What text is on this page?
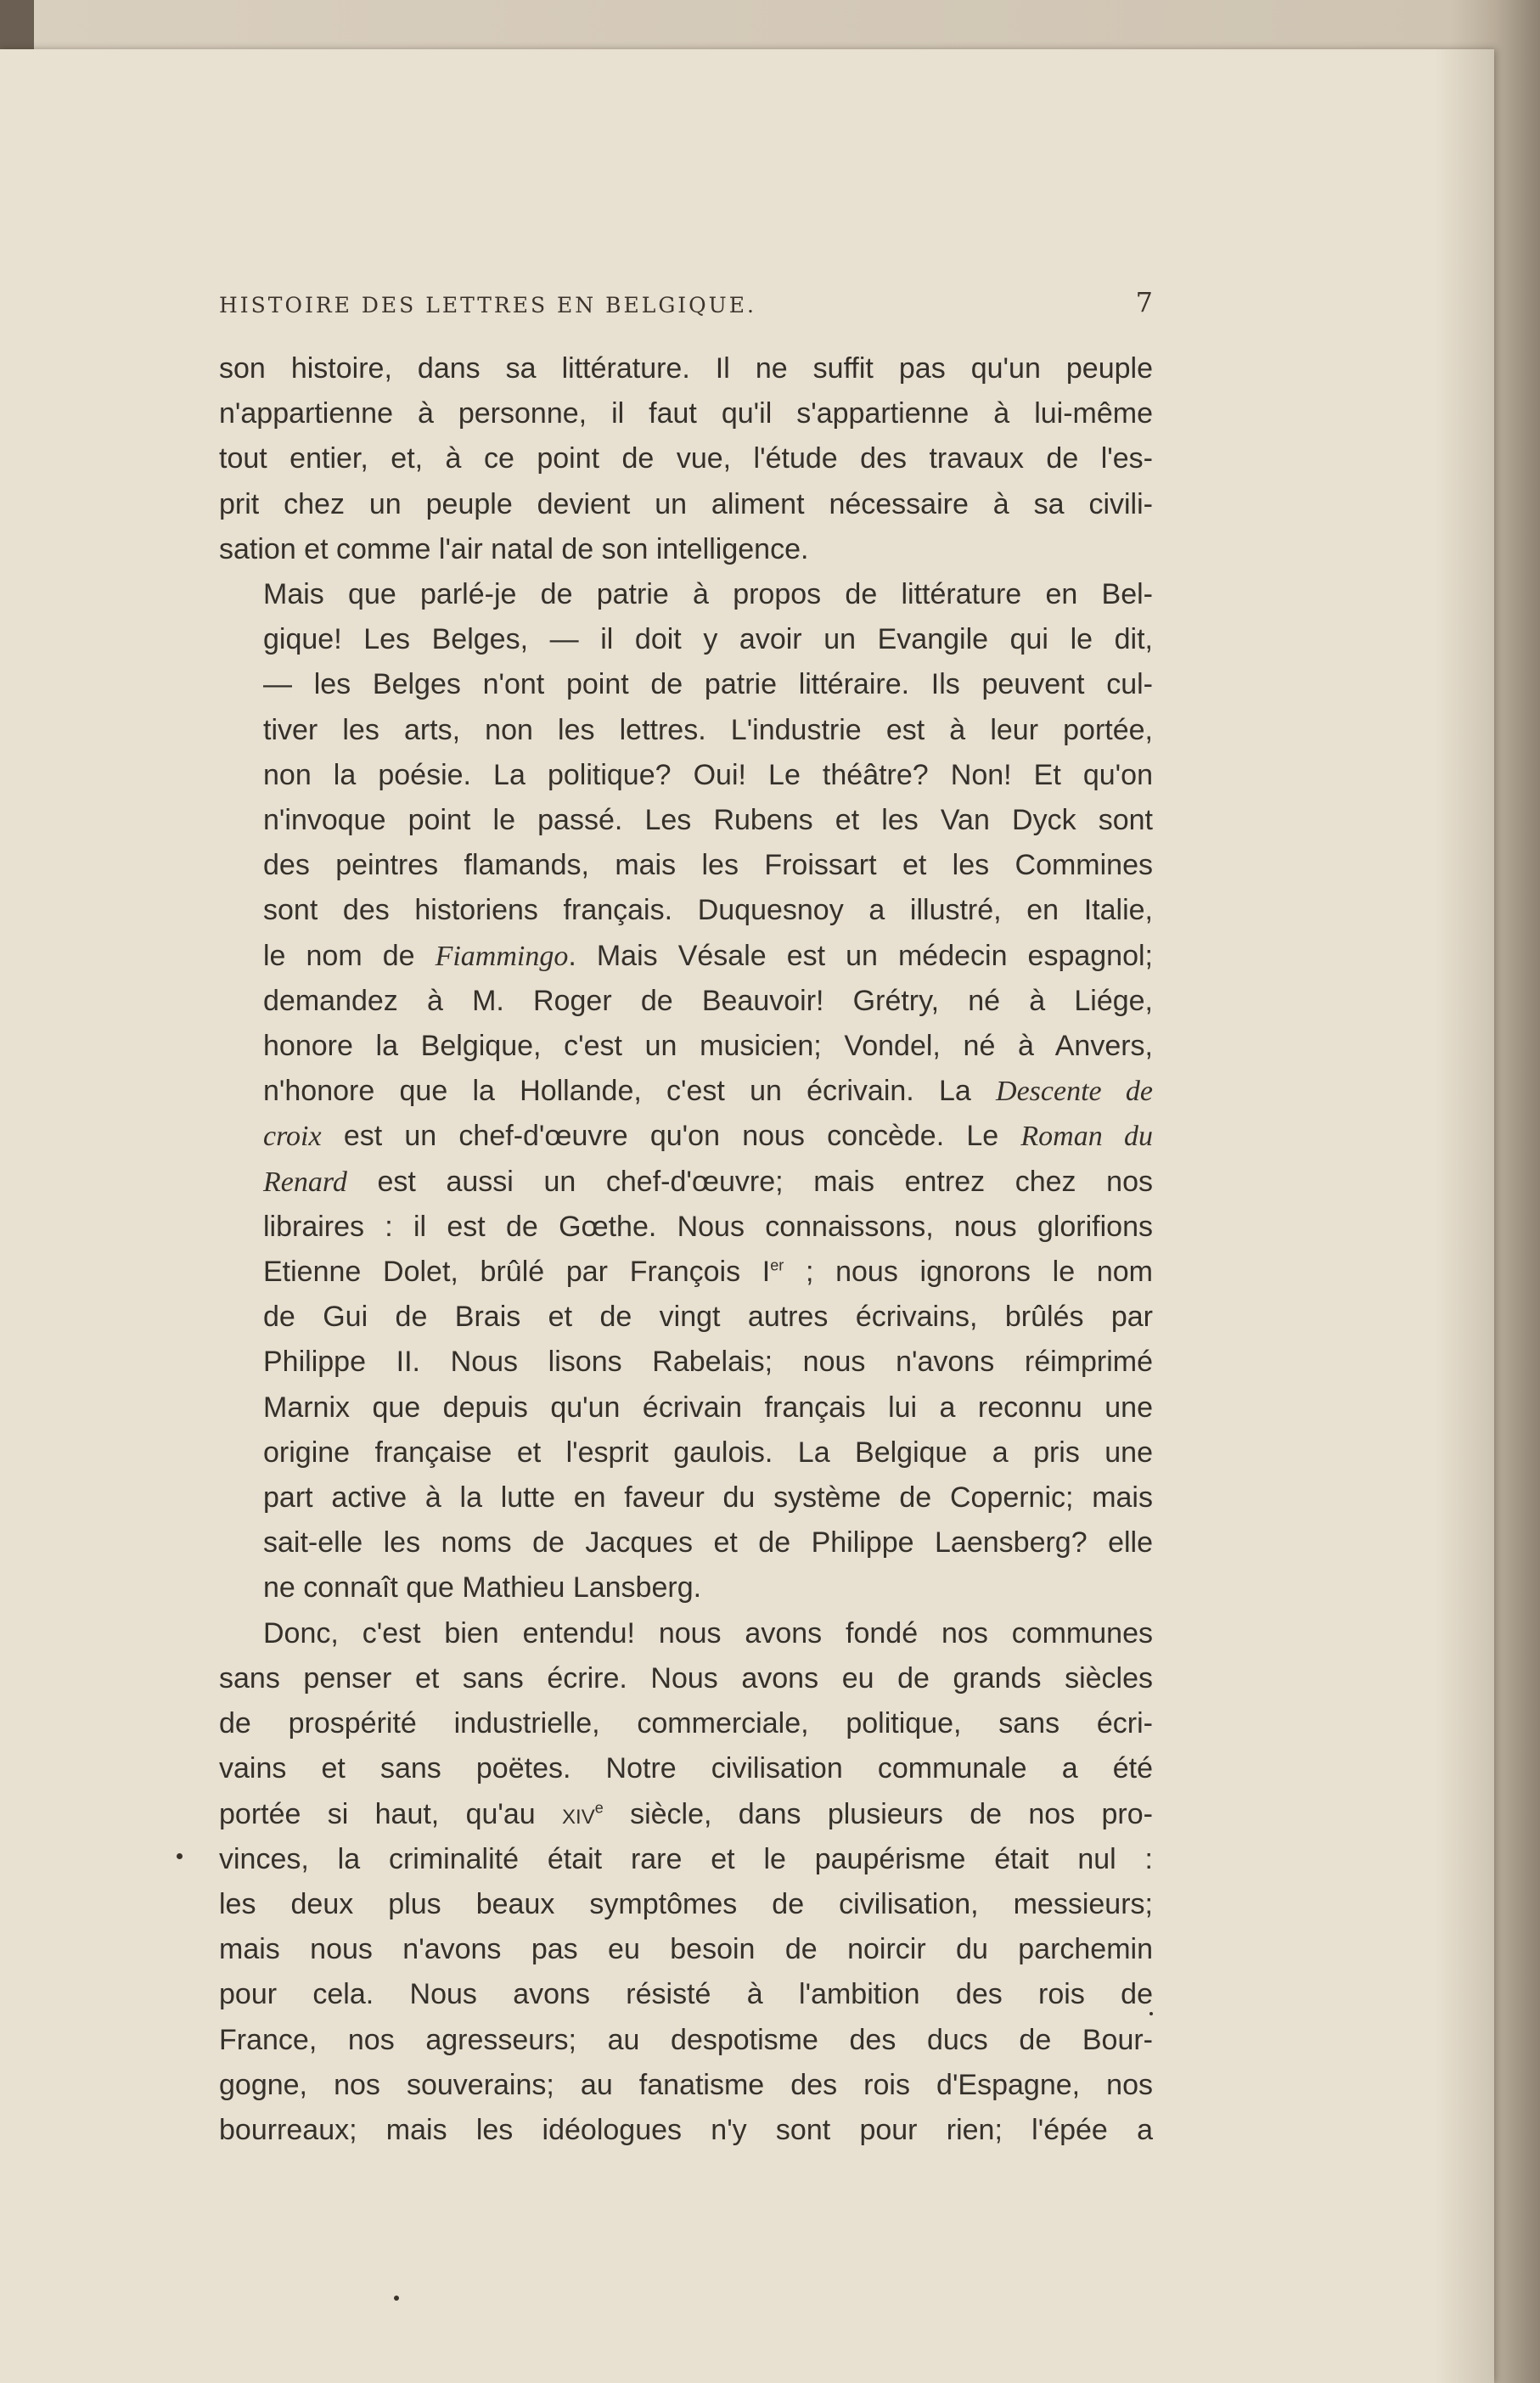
HISTOIRE DES LETTRES EN BELGIQUE.	7

son histoire, dans sa littérature. Il ne suffit pas qu'un peuple
n'appartienne à personne, il faut qu'il s'appartienne à lui-même
tout entier, et, à ce point de vue, l'étude des travaux de l'es-
prit chez un peuple devient un aliment nécessaire à sa civili-
sation et comme l'air natal de son intelligence.

Mais que parlé-je de patrie à propos de littérature en Bel-
gique! Les Belges, — il doit y avoir un Evangile qui le dit,
— les Belges n'ont point de patrie littéraire. Ils peuvent cul-
tiver les arts, non les lettres. L'industrie est à leur portée,
non la poésie. La politique? Oui! Le théâtre? Non! Et qu'on
n'invoque point le passé. Les Rubens et les Van Dyck sont
des peintres flamands, mais les Froissart et les Commines
sont des historiens français. Duquesnoy a illustré, en Italie,
le nom de Fiammingo. Mais Vésale est un médecin espagnol;
demandez à M. Roger de Beauvoir! Grétry, né à Liége,
honore la Belgique, c'est un musicien; Vondel, né à Anvers,
n'honore que la Hollande, c'est un écrivain. La Descente de
croix est un chef-d'œuvre qu'on nous concède. Le Roman du
Renard est aussi un chef-d'œuvre; mais entrez chez nos
libraires : il est de Gœthe. Nous connaissons, nous glorifions
Etienne Dolet, brûlé par François Ier ; nous ignorons le nom
de Gui de Brais et de vingt autres écrivains, brûlés par
Philippe II. Nous lisons Rabelais; nous n'avons réimprimé
Marnix que depuis qu'un écrivain français lui a reconnu une
origine française et l'esprit gaulois. La Belgique a pris une
part active à la lutte en faveur du système de Copernic; mais
sait-elle les noms de Jacques et de Philippe Laensberg? elle
ne connaît que Mathieu Lansberg.

Donc, c'est bien entendu! nous avons fondé nos communes
sans penser et sans écrire. Nous avons eu de grands siècles
de prospérité industrielle, commerciale, politique, sans écri-
vains et sans poëtes. Notre civilisation communale a été
portée si haut, qu'au xiv$^e$ siècle, dans plusieurs de nos pro-
vinces, la criminalité était rare et le paupérisme était nul :
les deux plus beaux symptômes de civilisation, messieurs;
mais nous n'avons pas eu besoin de noircir du parchemin
pour cela. Nous avons résisté à l'ambition des rois de
France, nos agresseurs; au despotisme des ducs de Bour-
gogne, nos souverains; au fanatisme des rois d'Espagne, nos
bourreaux; mais les idéologues n'y sont pour rien; l'épée a
